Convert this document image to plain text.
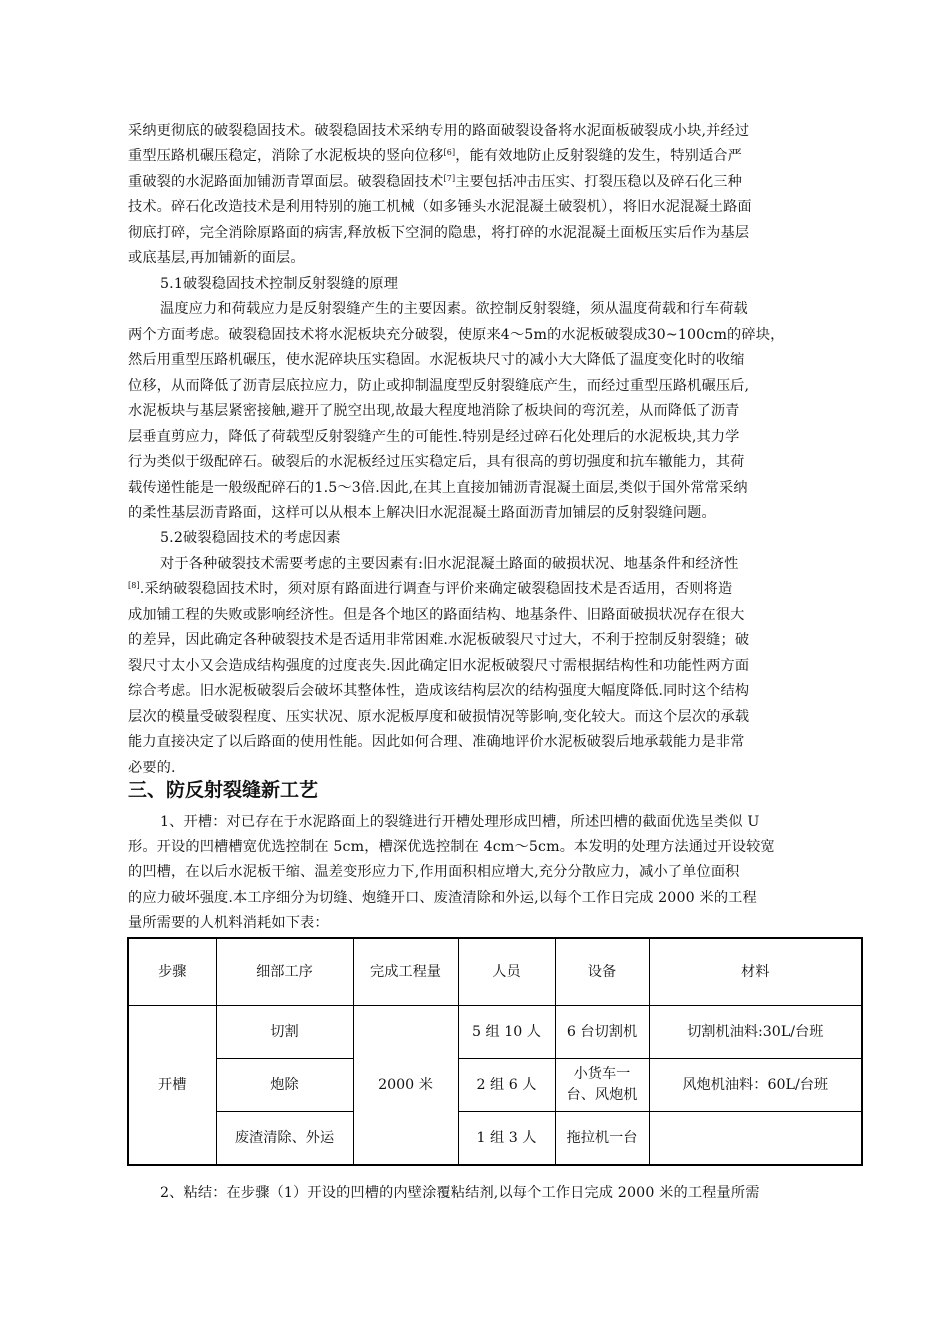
采纳更彻底的破裂稳固技术。破裂稳固技术采纳专用的路面破裂设备将水泥面板破裂成小块,并经过
重型压路机碾压稳定，消除了水泥板块的竖向位移[6]，能有效地防止反射裂缝的发生，特别适合严
重破裂的水泥路面加铺沥青罩面层。破裂稳固技术[7]主要包括冲击压实、打裂压稳以及碎石化三种
技术。碎石化改造技术是利用特别的施工机械（如多锤头水泥混凝土破裂机），将旧水泥混凝土路面
彻底打碎，完全消除原路面的病害,释放板下空洞的隐患，将打碎的水泥混凝土面板压实后作为基层
或底基层,再加铺新的面层。
5.1破裂稳固技术控制反射裂缝的原理
温度应力和荷载应力是反射裂缝产生的主要因素。欲控制反射裂缝，须从温度荷载和行车荷载
两个方面考虑。破裂稳固技术将水泥板块充分破裂，使原来4～5m的水泥板破裂成30~100cm的碎块，
然后用重型压路机碾压，使水泥碎块压实稳固。水泥板块尺寸的减小大大降低了温度变化时的收缩
位移，从而降低了沥青层底拉应力，防止或抑制温度型反射裂缝底产生，而经过重型压路机碾压后,
水泥板块与基层紧密接触,避开了脱空出现,故最大程度地消除了板块间的弯沉差，从而降低了沥青
层垂直剪应力，降低了荷载型反射裂缝产生的可能性.特别是经过碎石化处理后的水泥板块,其力学
行为类似于级配碎石。破裂后的水泥板经过压实稳定后，具有很高的剪切强度和抗车辙能力，其荷
载传递性能是一般级配碎石的1.5～3倍.因此,在其上直接加铺沥青混凝土面层,类似于国外常常采纳
的柔性基层沥青路面，这样可以从根本上解决旧水泥混凝土路面沥青加铺层的反射裂缝问题。
5.2破裂稳固技术的考虑因素
对于各种破裂技术需要考虑的主要因素有:旧水泥混凝土路面的破损状况、地基条件和经济性
[8].采纳破裂稳固技术时，须对原有路面进行调查与评价来确定破裂稳固技术是否适用，否则将造
成加铺工程的失败或影响经济性。但是各个地区的路面结构、地基条件、旧路面破损状况存在很大
的差异，因此确定各种破裂技术是否适用非常困难.水泥板破裂尺寸过大，不利于控制反射裂缝；破
裂尺寸太小又会造成结构强度的过度丧失.因此确定旧水泥板破裂尺寸需根据结构性和功能性两方面
综合考虑。旧水泥板破裂后会破坏其整体性，造成该结构层次的结构强度大幅度降低.同时这个结构
层次的模量受破裂程度、压实状况、原水泥板厚度和破损情况等影响,变化较大。而这个层次的承载
能力直接决定了以后路面的使用性能。因此如何合理、准确地评价水泥板破裂后地承载能力是非常
必要的.
三、防反射裂缝新工艺
1、开槽：对已存在于水泥路面上的裂缝进行开槽处理形成凹槽，所述凹槽的截面优选呈类似 U
形。开设的凹槽槽宽优选控制在 5cm，槽深优选控制在 4cm～5cm。本发明的处理方法通过开设较宽
的凹槽，在以后水泥板干缩、温差变形应力下,作用面积相应增大,充分分散应力，减小了单位面积
的应力破坏强度.本工序细分为切缝、炮缝开口、废渣清除和外运,以每个工作日完成 2000 米的工程
量所需要的人机料消耗如下表：
步骤	细部工序	完成工程量	人员	设备	材料
开槽	切割	2000 米	5 组 10 人	6 台切割机	切割机油料:30L/台班
	炮除		2 组 6 人	小货车一台、风炮机	风炮机油料：60L/台班
	废渣清除、外运		1 组 3 人	拖拉机一台	
2、粘结：在步骤（1）开设的凹槽的内壁涂覆粘结剂,以每个工作日完成 2000 米的工程量所需
